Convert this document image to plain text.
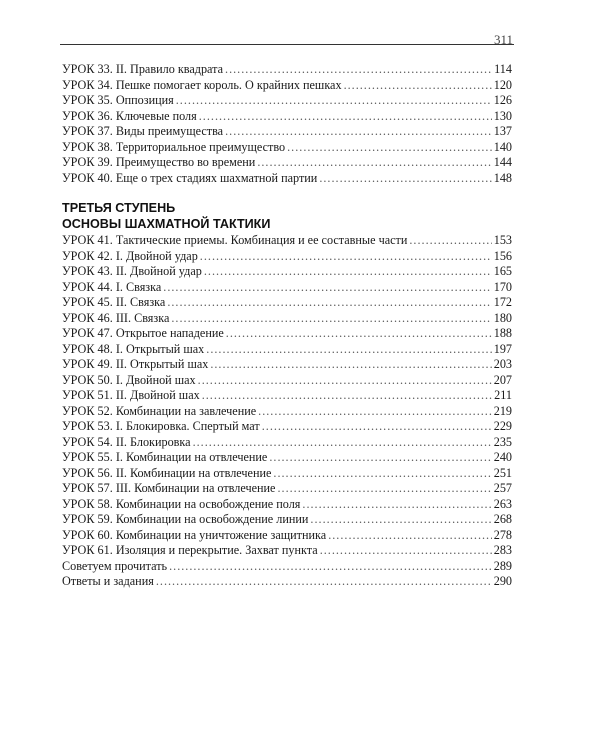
311
УРОК 33. II. Правило квадрата .....	114
УРОК 34. Пешке помогает король. О крайних пешках .....	120
УРОК 35. Оппозиция .....	126
УРОК 36. Ключевые поля .....	130
УРОК 37. Виды преимущества .....	137
УРОК 38. Территориальное преимущество .....	140
УРОК 39. Преимущество во времени .....	144
УРОК 40. Еще о трех стадиях шахматной партии .....	148
ТРЕТЬЯ СТУПЕНЬ
ОСНОВЫ ШАХМАТНОЙ ТАКТИКИ
УРОК 41. Тактические приемы. Комбинация и ее составные части .....	153
УРОК 42. I. Двойной удар .....	156
УРОК 43. II. Двойной удар .....	165
УРОК 44. I. Связка .....	170
УРОК 45. II. Связка .....	172
УРОК 46. III. Связка .....	180
УРОК 47. Открытое нападение .....	188
УРОК 48. I. Открытый шах .....	197
УРОК 49. II. Открытый шах .....	203
УРОК 50. I. Двойной шах .....	207
УРОК 51. II. Двойной шах .....	211
УРОК 52. Комбинации на завлечение .....	219
УРОК 53. I. Блокировка. Спертый мат .....	229
УРОК 54. II. Блокировка .....	235
УРОК 55. I. Комбинации на отвлечение .....	240
УРОК 56. II. Комбинации на отвлечение .....	251
УРОК 57. III. Комбинации на отвлечение .....	257
УРОК 58. Комбинации на освобождение поля .....	263
УРОК 59. Комбинации на освобождение линии .....	268
УРОК 60. Комбинации на уничтожение защитника .....	278
УРОК 61. Изоляция и перекрытие. Захват пункта .....	283
Советуем прочитать .....	289
Ответы и задания .....	290
